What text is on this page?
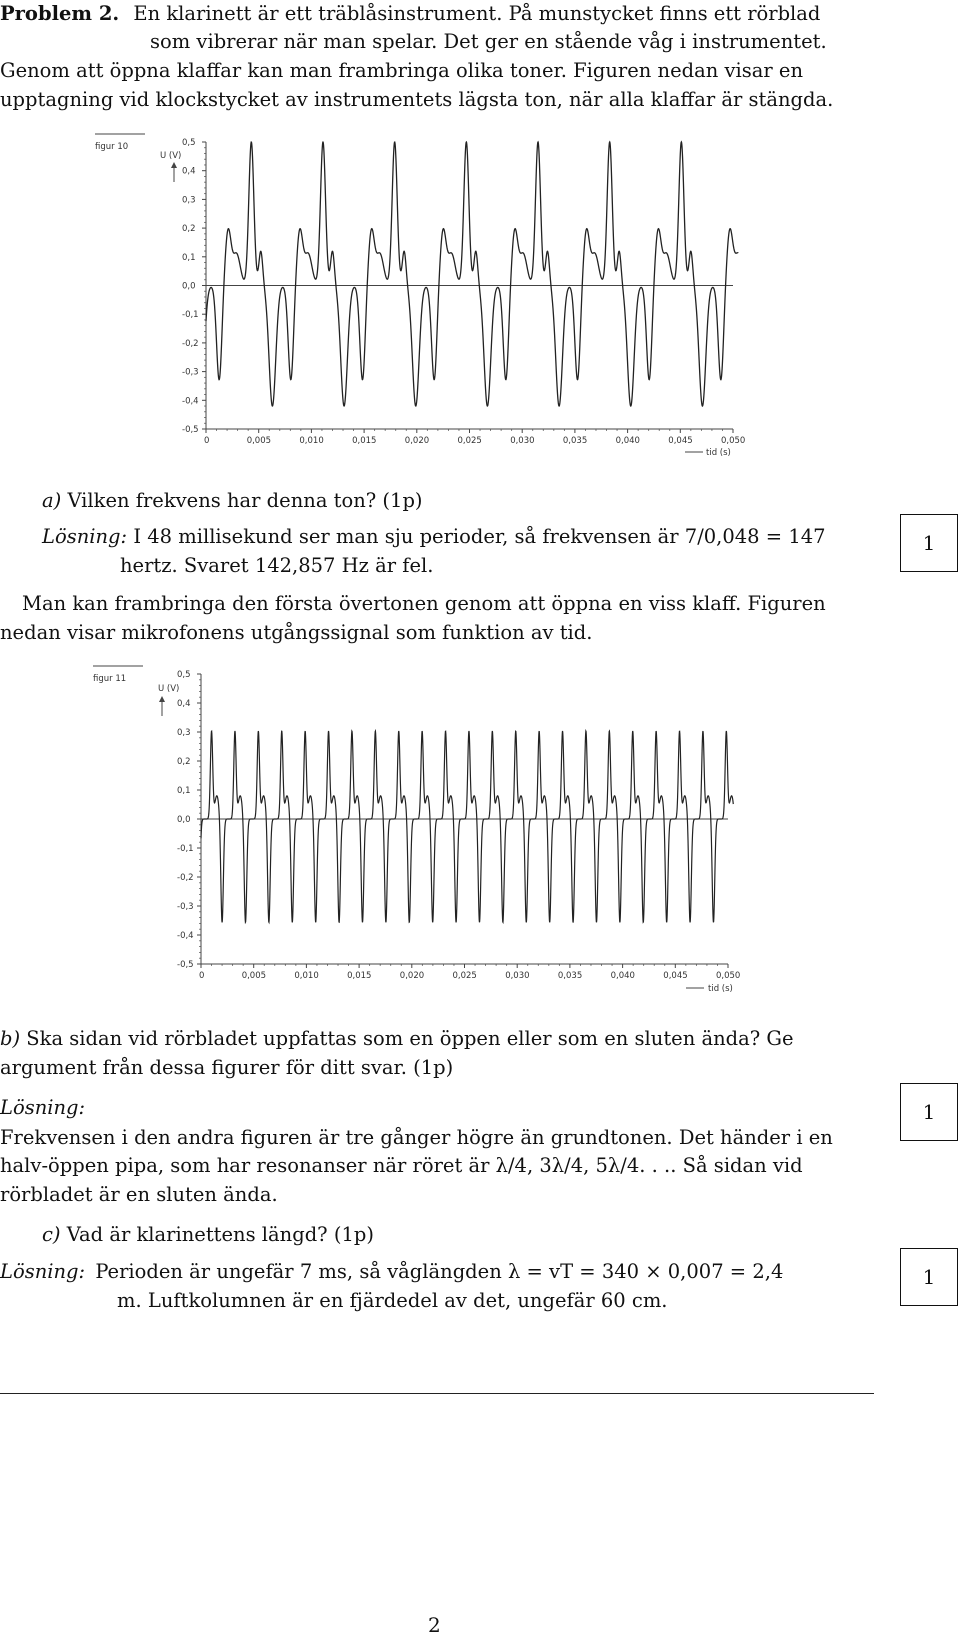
Problem 2. En klarinett är ett träblåsinstrument. På munstycket finns ett rörblad
som vibrerar när man spelar. Det ger en stående våg i instrumentet.
Genom att öppna klaffar kan man frambringa olika toner. Figuren nedan visar en
upptagning vid klockstycket av instrumentets lägsta ton, när alla klaffar är stängda.
figur 10
U (V)
tid (s)
0,5
0,4
0,3
0,2
0,1
0,0
-0,1
-0,2
-0,3
-0,4
-0,5
0	0,005	0,010	0,015	0,020	0,025	0,030	0,035	0,040	0,045	0,050
a) Vilken frekvens har denna ton? (1p)
Lösning: I 48 millisekund ser man sju perioder, så frekvensen är 7/0,048 = 147
hertz. Svaret 142,857 Hz är fel.
1
Man kan frambringa den första övertonen genom att öppna en viss klaff. Figuren
nedan visar mikrofonens utgångssignal som funktion av tid.
figur 11
U (V)
tid (s)
0,5
0,4
0,3
0,2
0,1
0,0
-0,1
-0,2
-0,3
-0,4
-0,5
0	0,005	0,010	0,015	0,020	0,025	0,030	0,035	0,040	0,045	0,050
b) Ska sidan vid rörbladet uppfattas som en öppen eller som en sluten ända? Ge
argument från dessa figurer för ditt svar. (1p)
Lösning:	1
Frekvensen i den andra figuren är tre gånger högre än grundtonen. Det händer i en
halv-öppen pipa, som har resonanser när röret är λ/4, 3λ/4, 5λ/4. . .. Så sidan vid
rörbladet är en sluten ända.
c) Vad är klarinettens längd? (1p)
Lösning: Perioden är ungefär 7 ms, så våglängden λ = vT = 340 × 0,007 = 2,4
m. Luftkolumnen är en fjärdedel av det, ungefär 60 cm.
1
2
